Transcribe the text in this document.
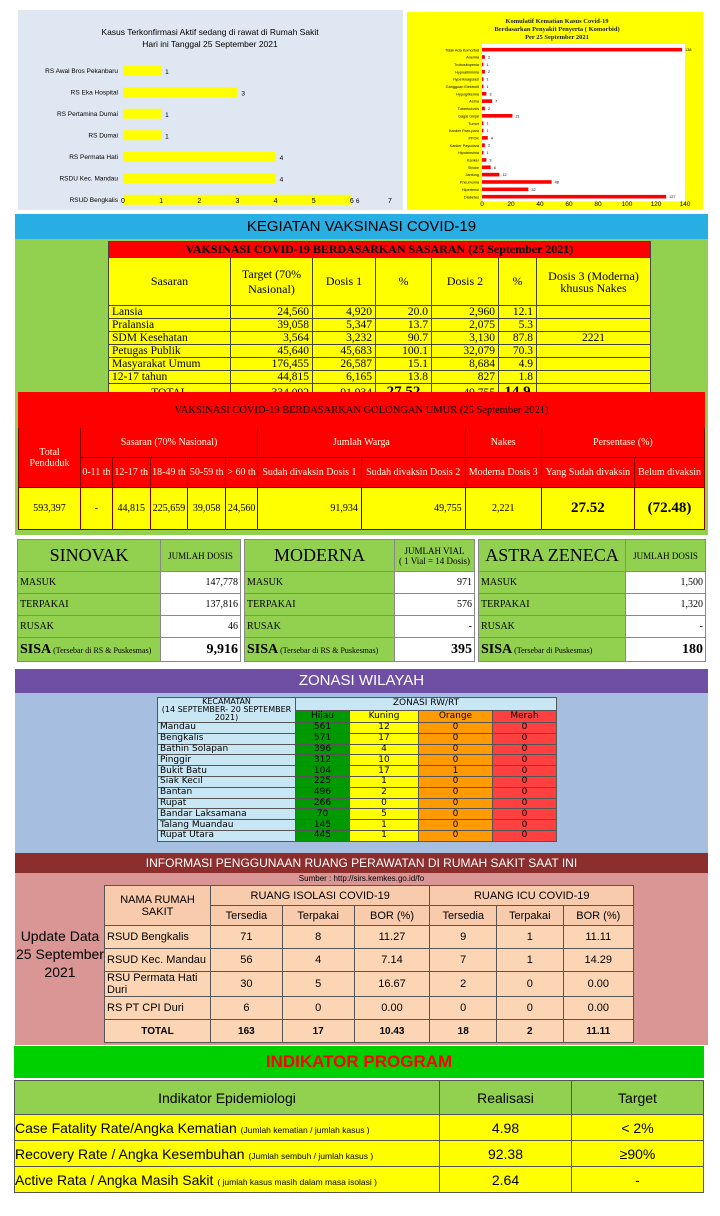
Kasus Terkonfirmasi Aktif sedang di rawat di Rumah Sakit
Hari ini Tanggal 25 September 2021
RS Awal Bros Pekanbaru	1
RS Eka Hospital	3
RS Pertamina Dumai	1
RS Dumai	1
RS Permata Hati	4
RSDU Kec. Mandau	4
RSUD Bengkalis	6
0	1	2	3	4	5	6	7
Komulatif Kematian Kasus Covid-19
Berdasarkan Penyakit Penyerta ( Komorbid)
Per 25 September 2021
Tidak Ada Komorbid	138
Anemia 2
Trobositopenia 1
Hypoalbiminia 2
Hyperkoagulasi 1
Gangguan Elektrolit 1
Hypoglikemia	3
Asma	7
Tuberkulosis 2
Gagal Ginjal	21
Tumor 1
Kanker Paru-paru 1
PPOK	4
Kanker Payudara 2
Hipotensinia 1
Kanker	3
Stroke	6
Jantung	12
Pneumonia	48
Hipertensi	32
Diabetes	127
0	20	40	60	80	100	120	140
KEGIATAN VAKSINASI COVID-19
VAKSINASI COVID-19 BERDASARKAN SASARAN (25 September 2021)						
Sasaran	Target (70% Nasional)	Dosis 1	%	Dosis 2	%	Dosis 3 (Moderna) khusus Nakes
Lansia	24,560	4,920	20.0	2,960	12.1	
Pralansia	39,058	5,347	13.7	2,075	5.3	
SDM Kesehatan	3,564	3,232	90.7	3,130	87.8	2221
Petugas Publik	45,640	45,683	100.1	32,079	70.3	
Masyarakat Umum	176,455	26,587	15.1	8,684	4.9	
12-17 tahun	44,815	6,165	13.8	827	1.8	

VAKSINASI COVID-19 BERDASARKAN GOLONGAN UMUR (25 September 2021)										
Total Penduduk	Sasaran (70% Nasional)					Jumlah Warga		Nakes	Persentase (%)	
	0-11 th	12-17 th	18-49 th	50-59 th	> 60 th	Sudah divaksin Dosis 1	Sudah divaksin Dosis 2	Moderna Dosis 3	Yang Sudah divaksin	Belum divaksin
593,397	-	44,815	225,659	39,058	24,560	91,934	49,755	2,221	27.52	(72.48)
SINOVAK	JUMLAH DOSIS

MASUK	147,778
TERPAKAI	137,816
RUSAK	46
SISA (Tersebar di RS & Puskesmas)	9,916
MODERNA	JUMLAH VIAL
( 1 Vial = 14 Dosis)

MASUK	971
TERPAKAI	576
RUSAK	-
SISA (Tersebar di RS & Puskesmas)	395
ASTRA ZENECA	JUMLAH DOSIS

MASUK	1,500
TERPAKAI	1,320
RUSAK	-
SISA (Tersebar di Puskesmas)	180
ZONASI WILAYAH
KECAMATAN
(14 SEPTEMBER- 20 SEPTEMBER 2021)	ZONASI RW/RT			
	Hijau	Kuning	Orange	Merah
Mandau	561	12	0	0
Bengkalis	571	17	0	0
Bathin Solapan	396	4	0	0
Pinggir	312	10	0	0
Bukit Batu	104	17	1	0
Siak Kecil	225	1	0	0
Bantan	496	2	0	0
Rupat	266	0	0	0
Bandar Laksamana	70	5	0	0
Talang Muandau	145	1	0	0
Rupat Utara	445	1	0	0
INFORMASI PENGGUNAAN RUANG PERAWATAN DI RUMAH SAKIT SAAT INI
Sumber : http://sirs.kemkes.go.id/fo
Update Data 25 September 2021
NAMA RUMAH SAKIT	RUANG ISOLASI COVID-19			RUANG ICU COVID-19		
	Tersedia	Terpakai	BOR (%)	Tersedia	Terpakai	BOR (%)
RSUD Bengkalis	71	8	11.27	9	1	11.11
RSUD Kec. Mandau	56	4	7.14	7	1	14.29
RSU Permata Hati Duri	30	5	16.67	2	0	0.00
RS PT CPI Duri	6	0	0.00	0	0	0.00
TOTAL	163	17	10.43	18	2	11.11
INDIKATOR PROGRAM
Indikator Epidemiologi	Realisasi	Target
Case Fatality Rate/Angka Kematian (Jumlah kematian / jumlah kasus )	4.98	< 2%
Recovery Rate / Angka Kesembuhan (Jumlah sembuh / jumlah kasus )	92.38	≥90%
Active Rata / Angka Masih Sakit ( jumlah kasus masih dalam masa isolasi )	2.64	-
